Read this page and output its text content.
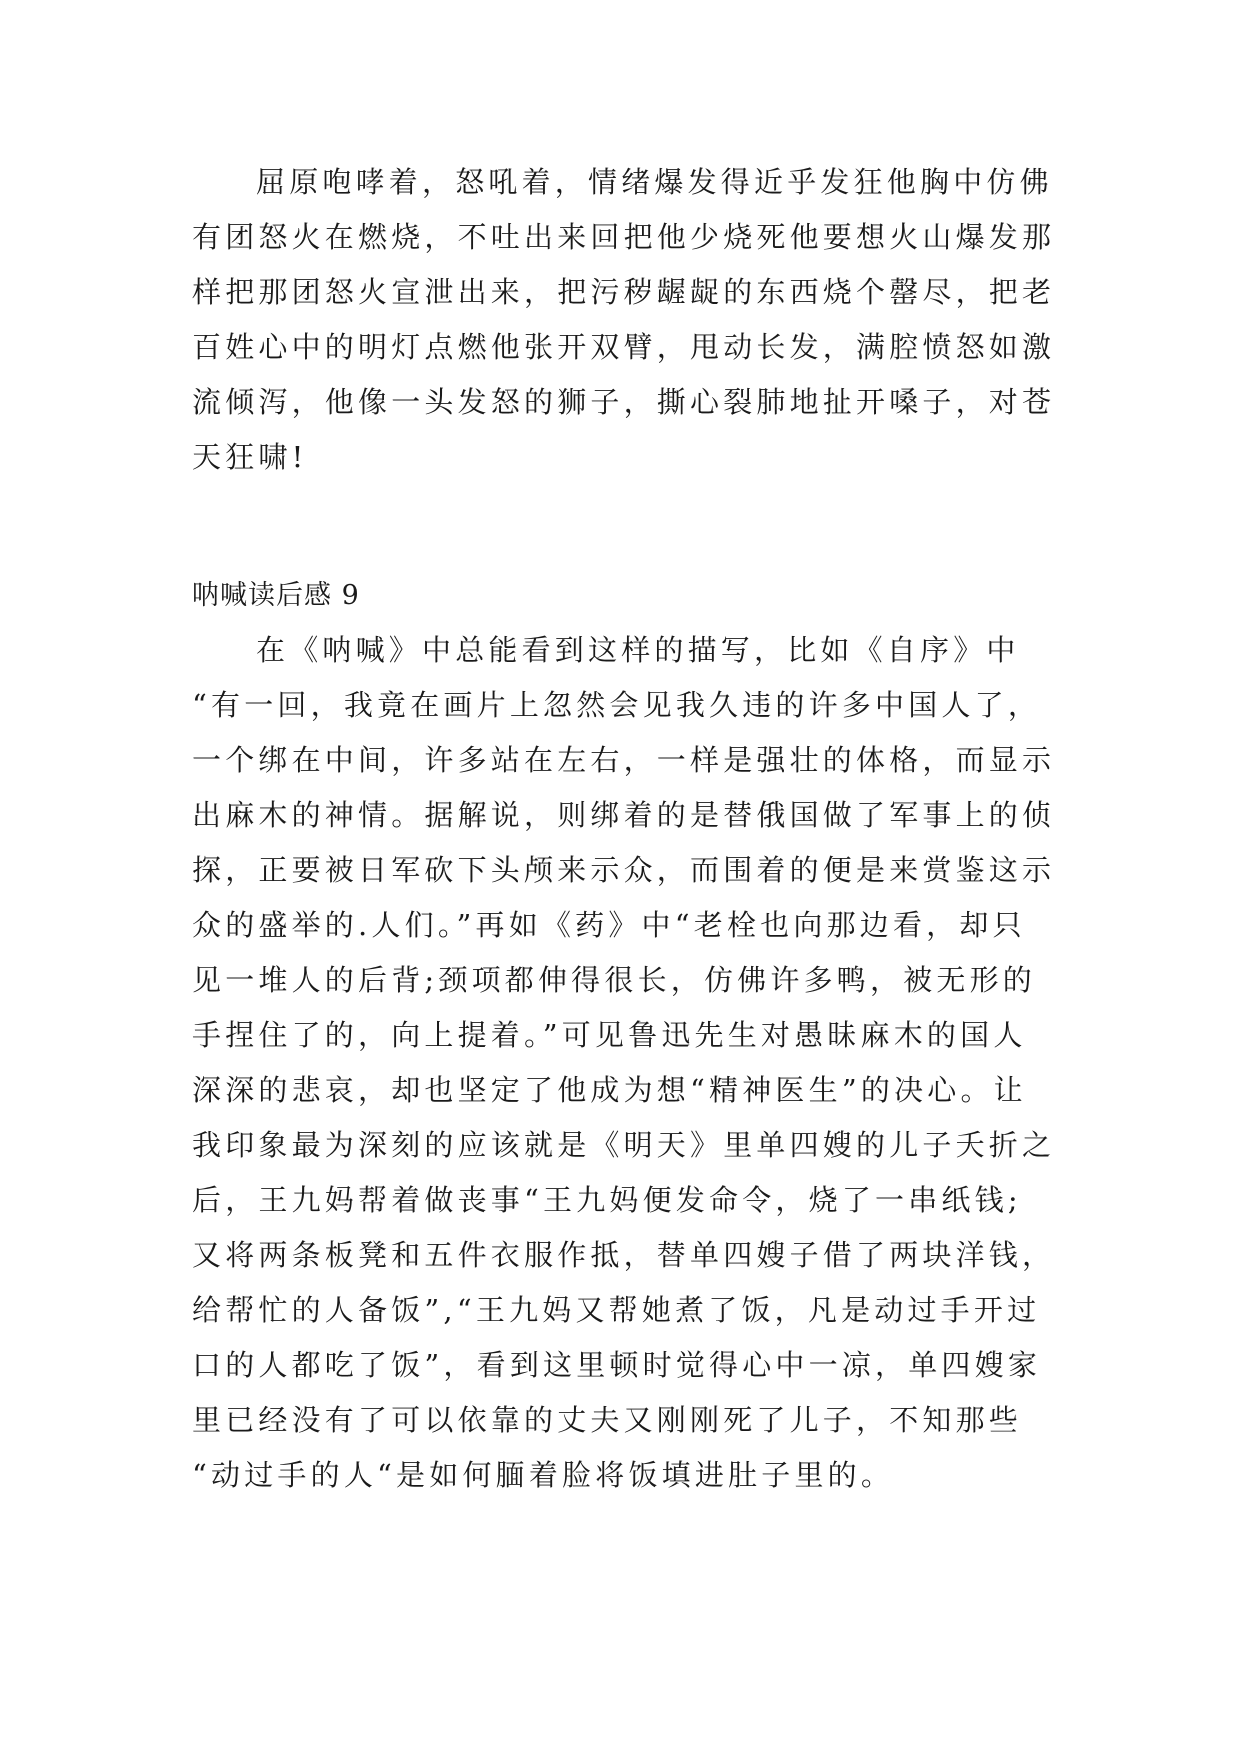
屈原咆哮着，怒吼着，情绪爆发得近乎发狂他胸中仿佛
有团怒火在燃烧，不吐出来回把他少烧死他要想火山爆发那
样把那团怒火宣泄出来，把污秽龌龊的东西烧个罄尽，把老
百姓心中的明灯点燃他张开双臂，甩动长发，满腔愤怒如激
流倾泻，他像一头发怒的狮子，撕心裂肺地扯开嗓子，对苍
天狂啸!
呐喊读后感 9
在《呐喊》中总能看到这样的描写，比如《自序》中
“有一回，我竟在画片上忽然会见我久违的许多中国人了，
一个绑在中间，许多站在左右，一样是强壮的体格，而显示
出麻木的神情。据解说，则绑着的是替俄国做了军事上的侦
探，正要被日军砍下头颅来示众，而围着的便是来赏鉴这示
众的盛举的.人们。”再如《药》中“老栓也向那边看，却只
见一堆人的后背;颈项都伸得很长，仿佛许多鸭，被无形的
手捏住了的，向上提着。”可见鲁迅先生对愚昧麻木的国人
深深的悲哀，却也坚定了他成为想“精神医生”的决心。让
我印象最为深刻的应该就是《明天》里单四嫂的儿子夭折之
后，王九妈帮着做丧事“王九妈便发命令，烧了一串纸钱;
又将两条板凳和五件衣服作抵，替单四嫂子借了两块洋钱，
给帮忙的人备饭”,“王九妈又帮她煮了饭，凡是动过手开过
口的人都吃了饭”，看到这里顿时觉得心中一凉，单四嫂家
里已经没有了可以依靠的丈夫又刚刚死了儿子，不知那些
“动过手的人“是如何腼着脸将饭填进肚子里的。
